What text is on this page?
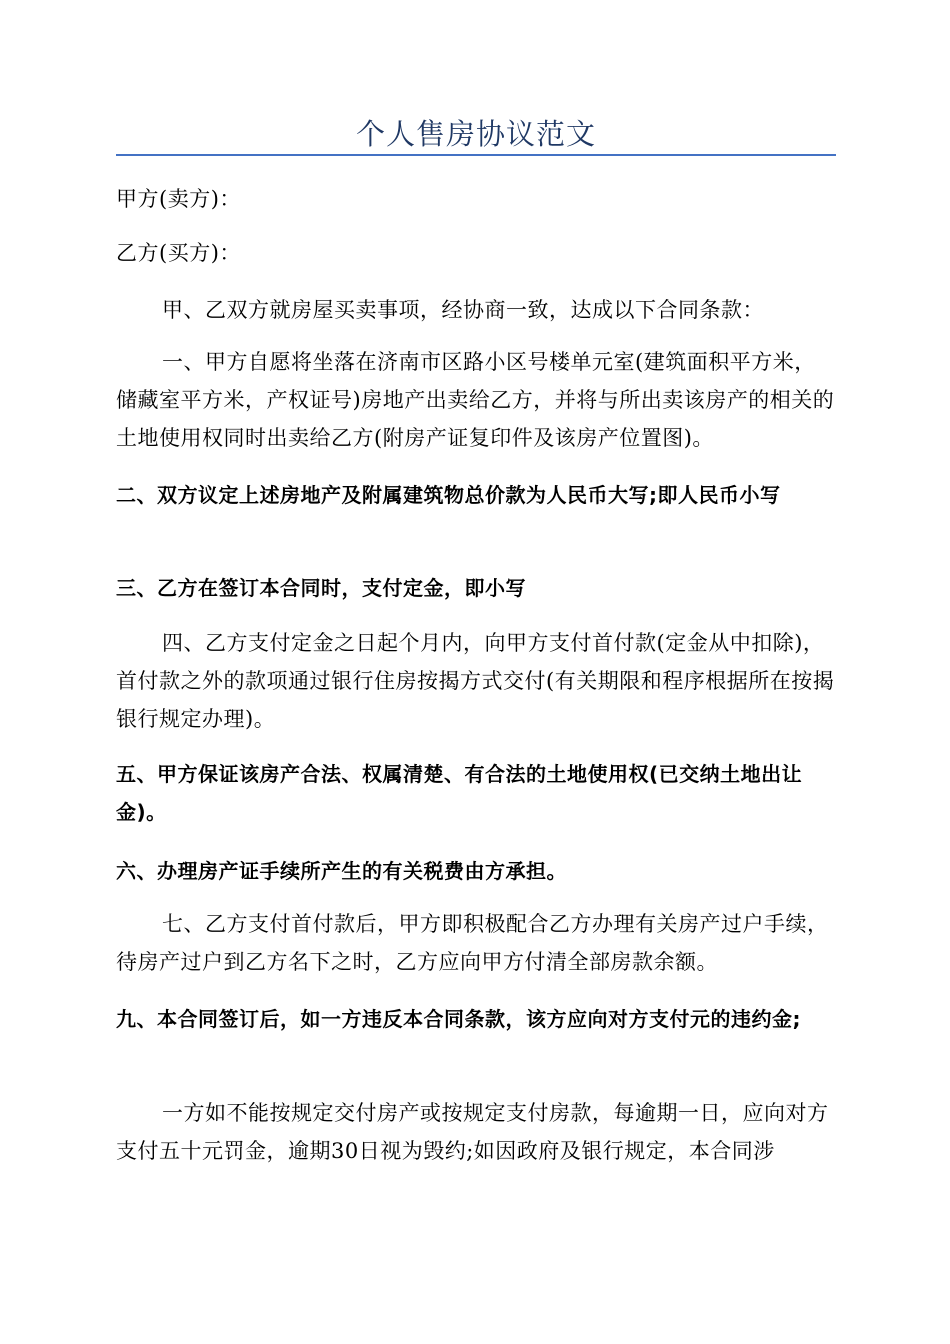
个人售房协议范文

甲方(卖方)：

乙方(买方)：

甲、乙双方就房屋买卖事项，经协商一致，达成以下合同条款：

一、甲方自愿将坐落在济南市区路小区号楼单元室(建筑面积平方米，储藏室平方米，产权证号)房地产出卖给乙方，并将与所出卖该房产的相关的土地使用权同时出卖给乙方(附房产证复印件及该房产位置图)。

二、双方议定上述房地产及附属建筑物总价款为人民币大写;即人民币小写

三、乙方在签订本合同时，支付定金，即小写

四、乙方支付定金之日起个月内，向甲方支付首付款(定金从中扣除)，首付款之外的款项通过银行住房按揭方式交付(有关期限和程序根据所在按揭银行规定办理)。

五、甲方保证该房产合法、权属清楚、有合法的土地使用权(已交纳土地出让金)。

六、办理房产证手续所产生的有关税费由方承担。

七、乙方支付首付款后，甲方即积极配合乙方办理有关房产过户手续，待房产过户到乙方名下之时，乙方应向甲方付清全部房款余额。

九、本合同签订后，如一方违反本合同条款，该方应向对方支付元的违约金;

一方如不能按规定交付房产或按规定支付房款，每逾期一日，应向对方支付五十元罚金，逾期30日视为毁约;如因政府及银行规定，本合同涉
